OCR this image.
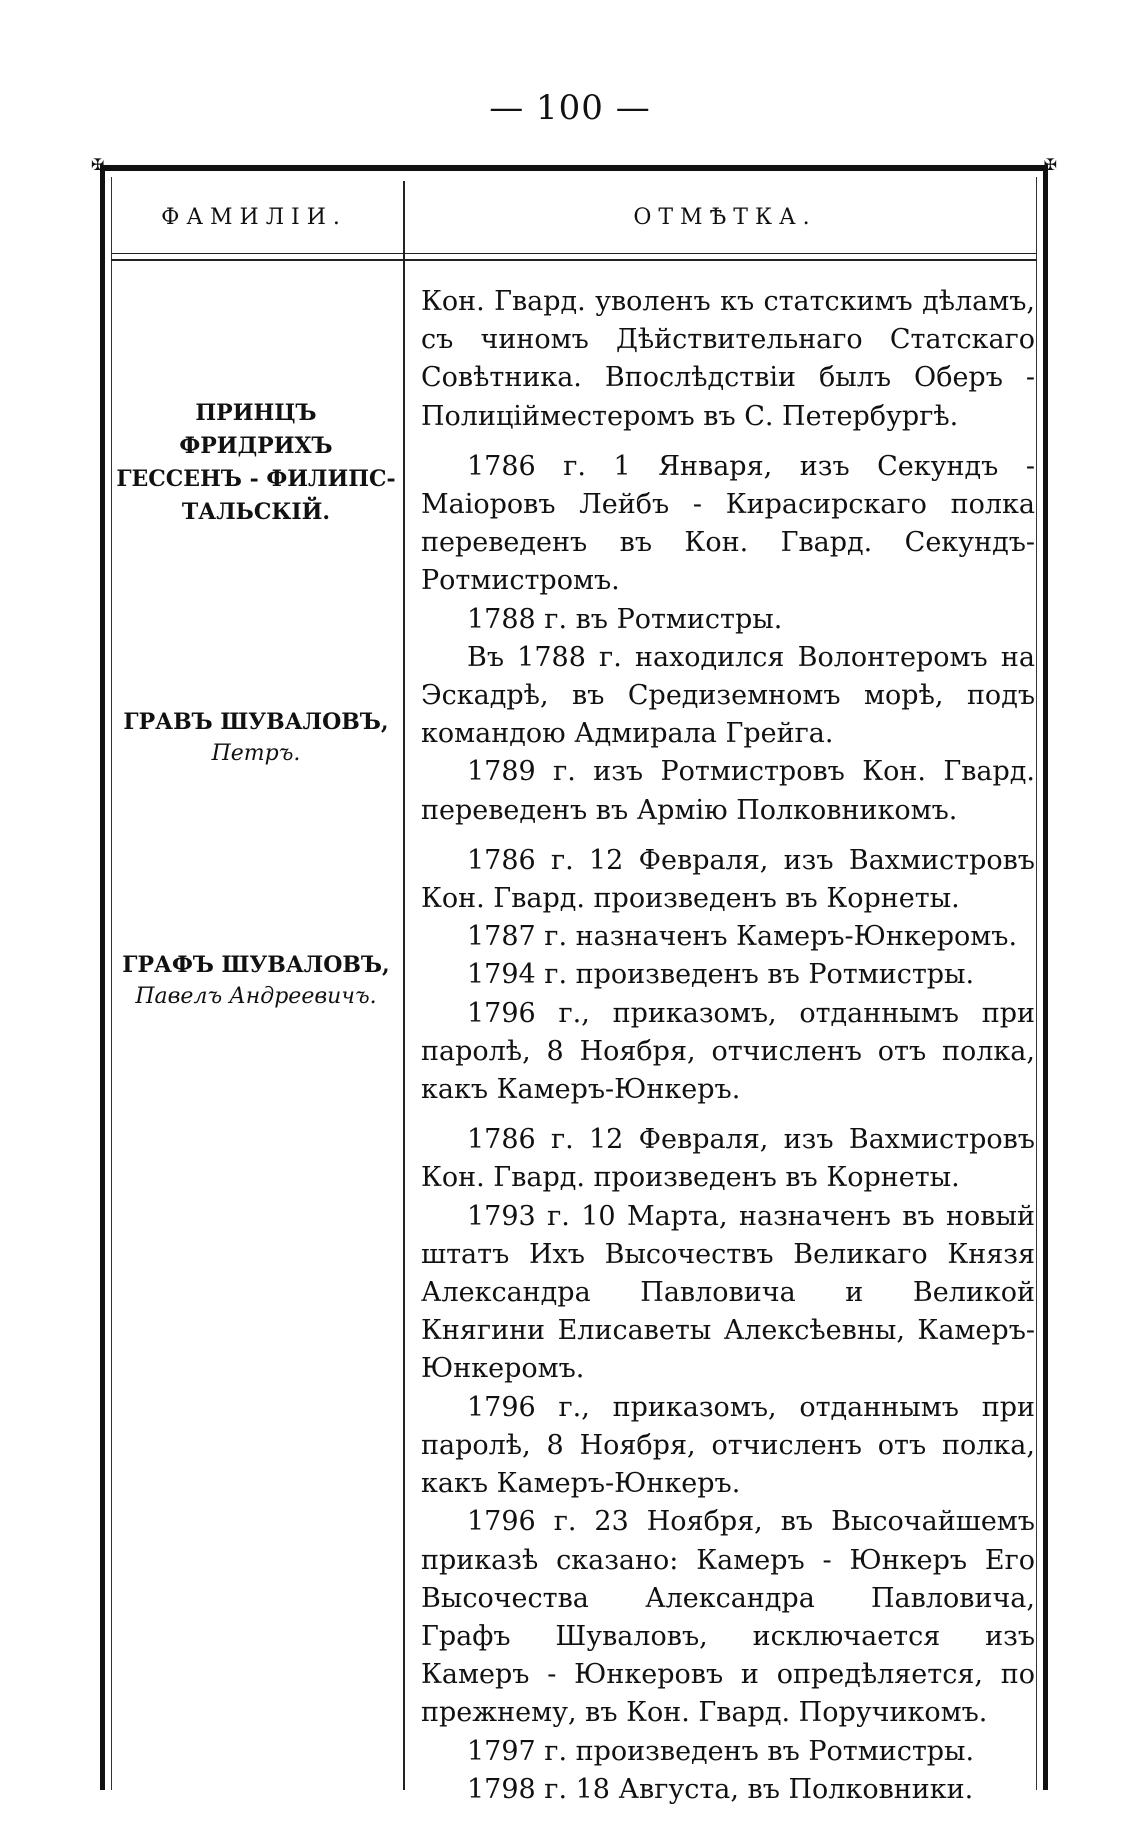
— 100 —
✠	✠
ФАМИЛІИ.	ОТМѢТКА.
ПРИНЦЪ ФРИДРИХЪ
ГЕССЕНЪ - ФИЛИПС-
ТАЛЬСКІЙ.
ГРАВЪ ШУВАЛОВЪ,
Петръ.
ГРАФЪ ШУВАЛОВЪ,
Павелъ Андреевичъ.

Кон. Гвард. уволенъ къ статскимъ дѣламъ, съ чиномъ Дѣйствительнаго Статскаго Совѣтника. Впослѣдствіи былъ Оберъ - Полиційместеромъ въ С. Петербургѣ.

1786 г. 1 Января, изъ Секундъ - Маіоровъ Лейбъ - Кирасирскаго полка переведенъ въ Кон. Гвард. Секундъ-Ротмистромъ.

1788 г. въ Ротмистры.

Въ 1788 г. находился Волонтеромъ на Эскадрѣ, въ Средиземномъ морѣ, подъ командою Адмирала Грейга.

1789 г. изъ Ротмистровъ Кон. Гвард. переведенъ въ Армію Полковникомъ.

1786 г. 12 Февраля, изъ Вахмистровъ Кон. Гвард. произведенъ въ Корнеты.

1787 г. назначенъ Камеръ-Юнкеромъ.

1794 г. произведенъ въ Ротмистры.

1796 г., приказомъ, отданнымъ при паролѣ, 8 Ноября, отчисленъ отъ полка, какъ Камеръ-Юнкеръ.

1786 г. 12 Февраля, изъ Вахмистровъ Кон. Гвард. произведенъ въ Корнеты.

1793 г. 10 Марта, назначенъ въ новый штатъ Ихъ Высочествъ Великаго Князя Александра Павловича и Великой Княгини Елисаветы Алексѣевны, Камеръ-Юнкеромъ.

1796 г., приказомъ, отданнымъ при паролѣ, 8 Ноября, отчисленъ отъ полка, какъ Камеръ-Юнкеръ.

1796 г. 23 Ноября, въ Высочайшемъ приказѣ сказано: Камеръ - Юнкеръ Его Высочества Александра Павловича, Графъ Шуваловъ, исключается изъ Камеръ - Юнкеровъ и опредѣляется, по прежнему, въ Кон. Гвард. Поручикомъ.

1797 г. произведенъ въ Ротмистры.

1798 г. 18 Августа, въ Полковники.
